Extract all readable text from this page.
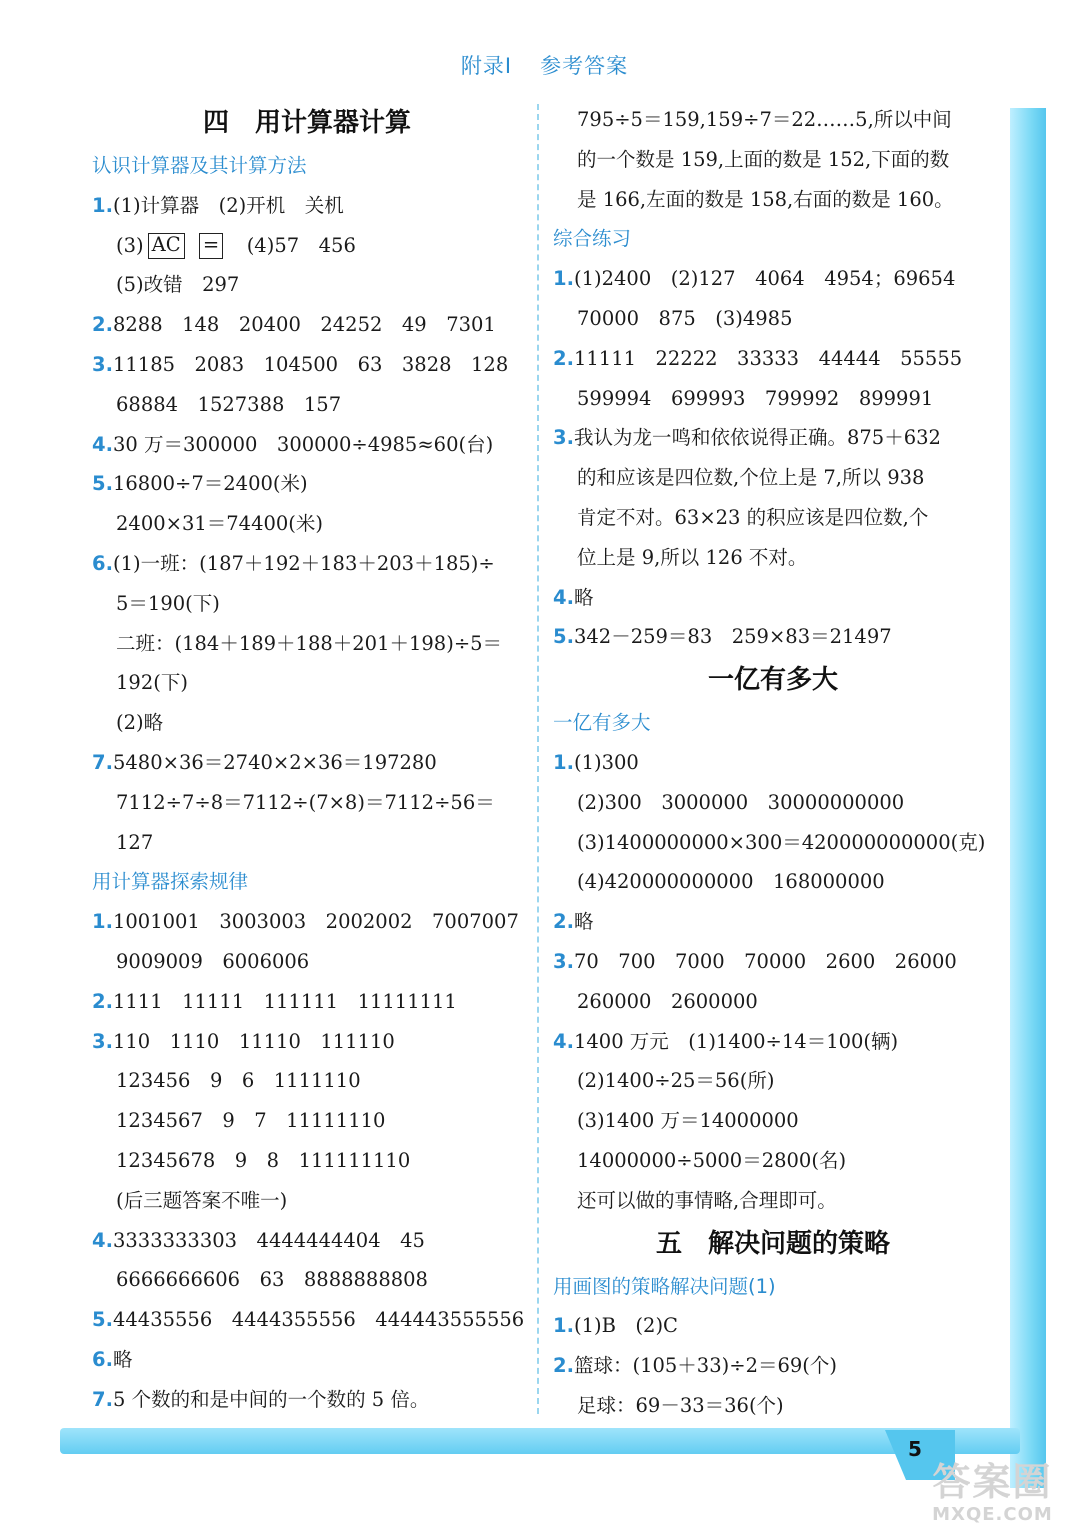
附录Ⅰ 参考答案
5
答案圈
MXQE.COM
四　用计算器计算
认识计算器及其计算方法
1.(1)计算器　(2)开机　关机
(3) AC =　 (4)57　456
(5)改错　297
2.8288　148　20400　24252　49　7301
3.11185　2083　104500　63　3828　128
68884　1527388　157
4.30 万＝300000　300000÷4985≈60(台)
5.16800÷7＝2400(米)
2400×31＝74400(米)
6.(1)一班：(187＋192＋183＋203＋185)÷
5＝190(下)
二班：(184＋189＋188＋201＋198)÷5＝
192(下)
(2)略
7.5480×36＝2740×2×36＝197280
7112÷7÷8＝7112÷(7×8)＝7112÷56＝
127
用计算器探索规律
1.1001001　3003003　2002002　7007007
9009009　6006006
2.1111　11111　111111　11111111
3.110　1110　11110　111110
123456　9　6　1111110
1234567　9　7　11111110
12345678　9　8　111111110
(后三题答案不唯一)
4.3333333303　4444444404　45
6666666606　63　8888888808
5.44435556　4444355556　444443555556
6.略
7.5 个数的和是中间的一个数的 5 倍。
795÷5＝159,159÷7＝22……5,所以中间
的一个数是 159,上面的数是 152,下面的数
是 166,左面的数是 158,右面的数是 160。
综合练习
1.(1)2400　(2)127　4064　4954；69654
70000　875　(3)4985
2.11111　22222　33333　44444　55555
599994　699993　799992　899991
3.我认为龙一鸣和依依说得正确。875＋632
的和应该是四位数,个位上是 7,所以 938
肯定不对。63×23 的积应该是四位数,个
位上是 9,所以 126 不对。
4.略
5.342－259＝83　259×83＝21497
一亿有多大
一亿有多大
1.(1)300
(2)300　3000000　30000000000
(3)1400000000×300＝420000000000(克)
(4)420000000000　168000000
2.略
3.70　700　7000　70000　2600　26000
260000　2600000
4.1400 万元　(1)1400÷14＝100(辆)
(2)1400÷25＝56(所)
(3)1400 万＝14000000
14000000÷5000＝2800(名)
还可以做的事情略,合理即可。
五　解决问题的策略
用画图的策略解决问题(1)
1.(1)B　(2)C
2.篮球：(105＋33)÷2＝69(个)
足球：69－33＝36(个)
